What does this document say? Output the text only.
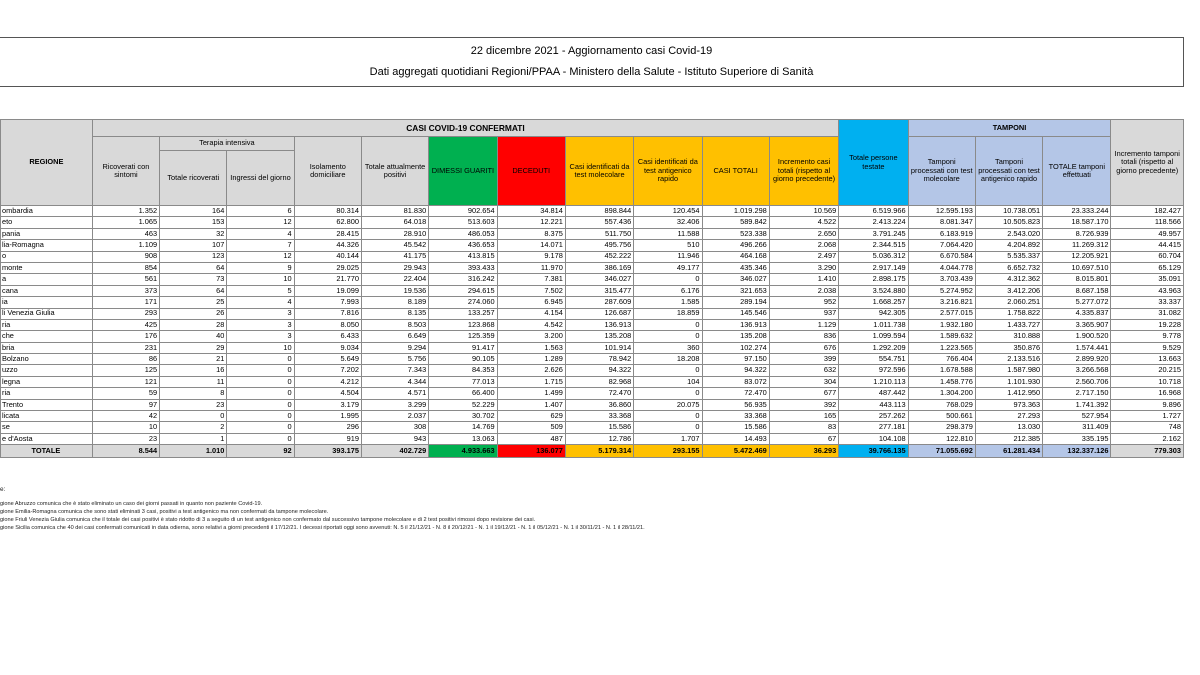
22 dicembre 2021 - Aggiornamento casi Covid-19
Dati aggregati quotidiani Regioni/PPAA - Ministero della Salute - Istituto Superiore di Sanità
REGIONE	CASI COVID-19 CONFERMATI											Totale persone testate	TAMPONI			Incremento tamponi totali (rispetto al giorno precedente)
	Ricoverati con sintomi	Terapia intensiva		Isolamento domiciliare	Totale attualmente positivi	DIMESSI GUARITI	DECEDUTI	Casi identificati da test molecolare	Casi identificati da test antigenico rapido	CASI TOTALI	Incremento casi totali (rispetto al giorno precedente)		Tamponi processati con test molecolare	Tamponi processati con test antigenico rapido	TOTALE tamponi effettuati	
		Totale ricoverati	Ingressi del giorno													
ombardia	1.352	164	6	80.314	81.830	902.654	34.814	898.844	120.454	1.019.298	10.569	6.519.966	12.595.193	10.738.051	23.333.244	182.427
eto	1.065	153	12	62.800	64.018	513.603	12.221	557.436	32.406	589.842	4.522	2.413.224	8.081.347	10.505.823	18.587.170	118.566
pania	463	32	4	28.415	28.910	486.053	8.375	511.750	11.588	523.338	2.650	3.791.245	6.183.919	2.543.020	8.726.939	49.957
lia-Romagna	1.109	107	7	44.326	45.542	436.653	14.071	495.756	510	496.266	2.068	2.344.515	7.064.420	4.204.892	11.269.312	44.415
o	908	123	12	40.144	41.175	413.815	9.178	452.222	11.946	464.168	2.497	5.036.312	6.670.584	5.535.337	12.205.921	60.704
monte	854	64	9	29.025	29.943	393.433	11.970	386.169	49.177	435.346	3.290	2.917.149	4.044.778	6.652.732	10.697.510	65.129
a	561	73	10	21.770	22.404	316.242	7.381	346.027	0	346.027	1.410	2.898.175	3.703.439	4.312.362	8.015.801	35.091
cana	373	64	5	19.099	19.536	294.615	7.502	315.477	6.176	321.653	2.038	3.524.880	5.274.952	3.412.206	8.687.158	43.963
ia	171	25	4	7.993	8.189	274.060	6.945	287.609	1.585	289.194	952	1.668.257	3.216.821	2.060.251	5.277.072	33.337
li Venezia Giulia	293	26	3	7.816	8.135	133.257	4.154	126.687	18.859	145.546	937	942.305	2.577.015	1.758.822	4.335.837	31.082
ria	425	28	3	8.050	8.503	123.868	4.542	136.913	0	136.913	1.129	1.011.738	1.932.180	1.433.727	3.365.907	19.228
che	176	40	3	6.433	6.649	125.359	3.200	135.208	0	135.208	836	1.099.594	1.589.632	310.888	1.900.520	9.778
bria	231	29	10	9.034	9.294	91.417	1.563	101.914	360	102.274	676	1.292.209	1.223.565	350.876	1.574.441	9.529
Bolzano	86	21	0	5.649	5.756	90.105	1.289	78.942	18.208	97.150	399	554.751	766.404	2.133.516	2.899.920	13.663
uzzo	125	16	0	7.202	7.343	84.353	2.626	94.322	0	94.322	632	972.596	1.678.588	1.587.980	3.266.568	20.215
legna	121	11	0	4.212	4.344	77.013	1.715	82.968	104	83.072	304	1.210.113	1.458.776	1.101.930	2.560.706	10.718
ria	59	8	0	4.504	4.571	66.400	1.499	72.470	0	72.470	677	487.442	1.304.200	1.412.950	2.717.150	16.968
Trento	97	23	0	3.179	3.299	52.229	1.407	36.860	20.075	56.935	392	443.113	768.029	973.363	1.741.392	9.896
licata	42	0	0	1.995	2.037	30.702	629	33.368	0	33.368	165	257.262	500.661	27.293	527.954	1.727
se	10	2	0	296	308	14.769	509	15.586	0	15.586	83	277.181	298.379	13.030	311.409	748
e d'Aosta	23	1	0	919	943	13.063	487	12.786	1.707	14.493	67	104.108	122.810	212.385	335.195	2.162
TOTALE	8.544	1.010	92	393.175	402.729	4.933.663	136.077	5.179.314	293.155	5.472.469	36.293	39.766.135	71.055.692	61.281.434	132.337.126	779.303
e:
gione Abruzzo comunica che è stato eliminato un caso dei giorni passati in quanto non paziente Covid-19.
gione Emilia-Romagna comunica che sono stati eliminati 3 casi, positivi a test antigenico ma non confermati da tampone molecolare.
gione Friuli Venezia Giulia comunica che il totale dei casi positivi è stato ridotto di 3 a seguito di un test antigenico non confermato dal successivo tampone molecolare e di 2 test positivi rimossi dopo revisione dei casi.
gione Sicilia comunica che 40 dei casi confermati comunicati in data odierna, sono relativi a giorni precedenti il 17/12/21. I decessi riportati oggi sono avvenuti: N. 5 il 21/12/21 - N. 8 il 20/12/21 - N. 1 il 19/12/21 - N. 1 il 05/12/21 - N. 1 il 30/11/21 - N. 1 il 28/11/21.
